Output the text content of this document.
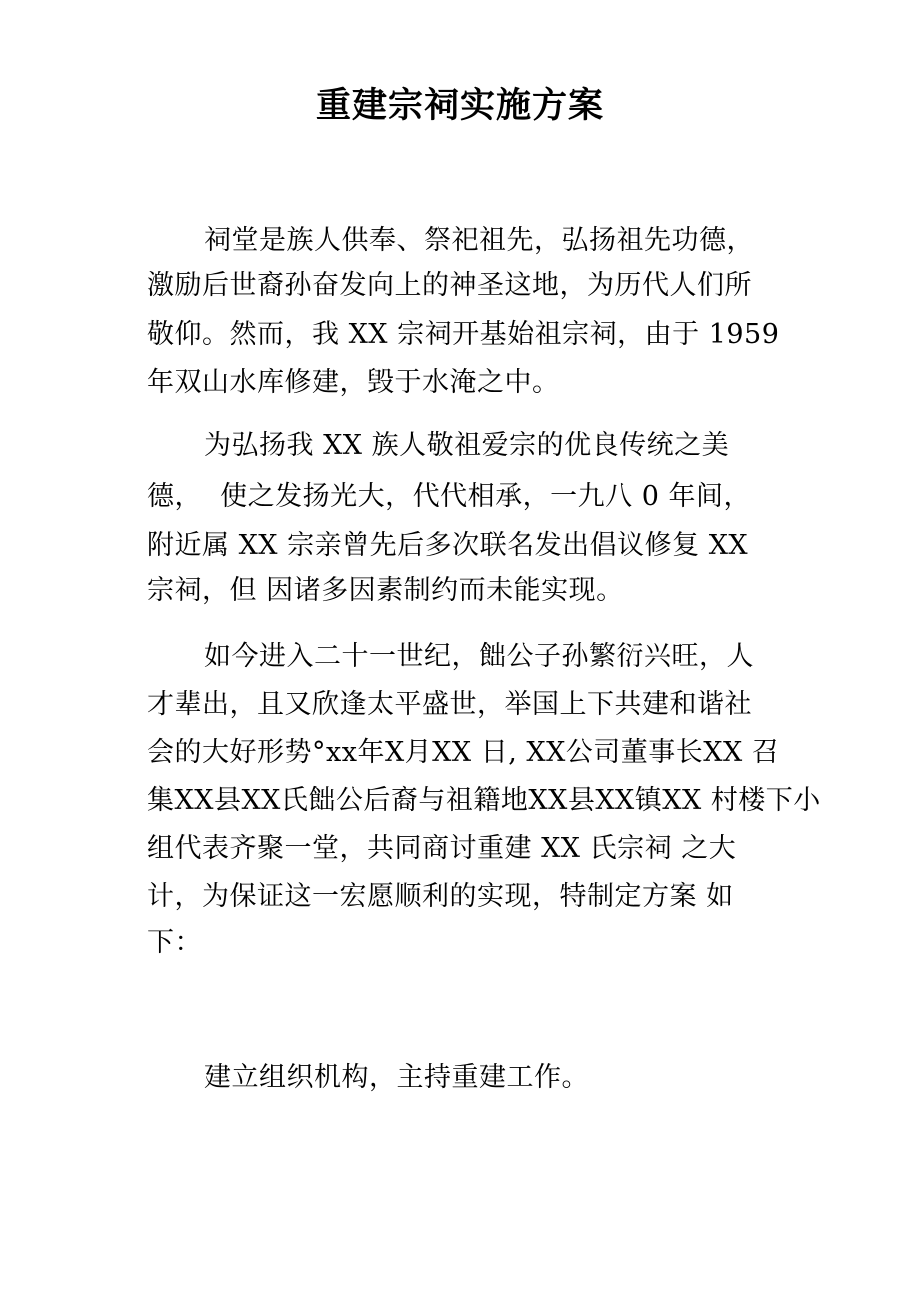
重建宗祠实施方案

祠堂是族人供奉、祭祀祖先，弘扬祖先功德，

激励后世裔孙奋发向上的神圣这地，为历代人们所

敬仰。然而，我 XX 宗祠开基始祖宗祠，由于 1959

年双山水库修建，毁于水淹之中。

为弘扬我 XX 族人敬祖爱宗的优良传统之美

德，  使之发扬光大，代代相承，一九八 0 年间，

附近属 XX 宗亲曾先后多次联名发出倡议修复 XX

宗祠，但 因诸多因素制约而未能实现。

如今进入二十一世纪，飿公子孙繁衍兴旺，人

才辈出，且又欣逢太平盛世，举国上下共建和谐社

会的大好形势°xx年X月XX 日, XX公司董事长XX 召

集XX县XX氏飿公后裔与祖籍地XX县XX镇XX 村楼下小

组代表齐聚一堂，共同商讨重建 XX 氏宗祠 之大

计，为保证这一宏愿顺利的实现，特制定方案 如

下：

建立组织机构，主持重建工作。
